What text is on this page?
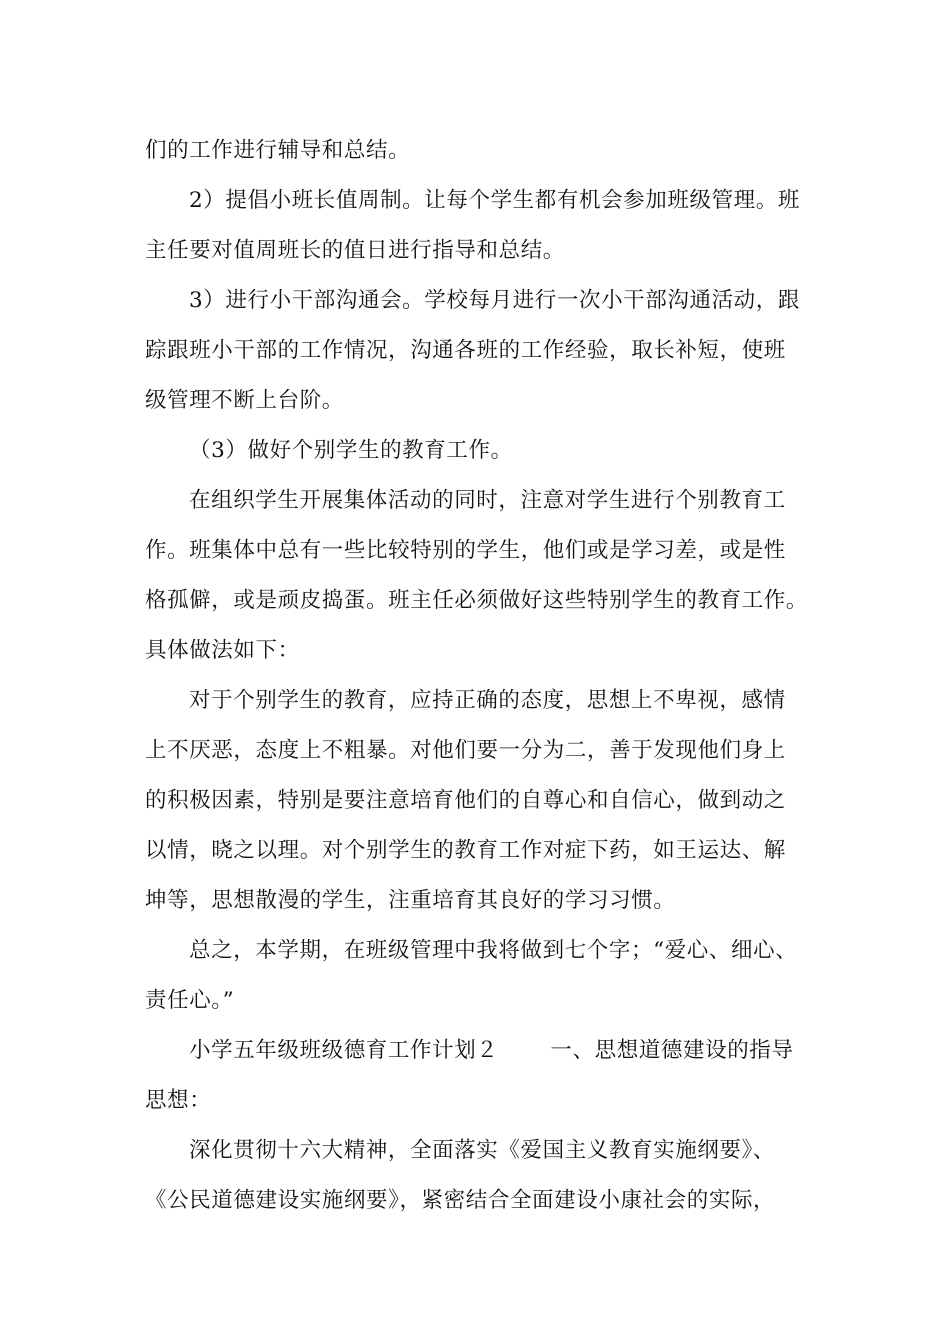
们的工作进行辅导和总结。
2）提倡小班长值周制。让每个学生都有机会参加班级管理。班
主任要对值周班长的值日进行指导和总结。
3）进行小干部沟通会。学校每月进行一次小干部沟通活动，跟
踪跟班小干部的工作情况，沟通各班的工作经验，取长补短，使班
级管理不断上台阶。
（3）做好个别学生的教育工作。
在组织学生开展集体活动的同时，注意对学生进行个别教育工
作。班集体中总有一些比较特别的学生，他们或是学习差，或是性
格孤僻，或是顽皮捣蛋。班主任必须做好这些特别学生的教育工作。
具体做法如下：
对于个别学生的教育，应持正确的态度，思想上不卑视，感情
上不厌恶，态度上不粗暴。对他们要一分为二，善于发现他们身上
的积极因素，特别是要注意培育他们的自尊心和自信心，做到动之
以情，晓之以理。对个别学生的教育工作对症下药，如王运达、解
坤等，思想散漫的学生，注重培育其良好的学习习惯。
总之，本学期，在班级管理中我将做到七个字；“爱心、细心、
责任心。”
小学五年级班级德育工作计划２ 一、思想道德建设的指导
思想：
深化贯彻十六大精神，全面落实《爱国主义教育实施纲要》、
《公民道德建设实施纲要》，紧密结合全面建设小康社会的实际，
